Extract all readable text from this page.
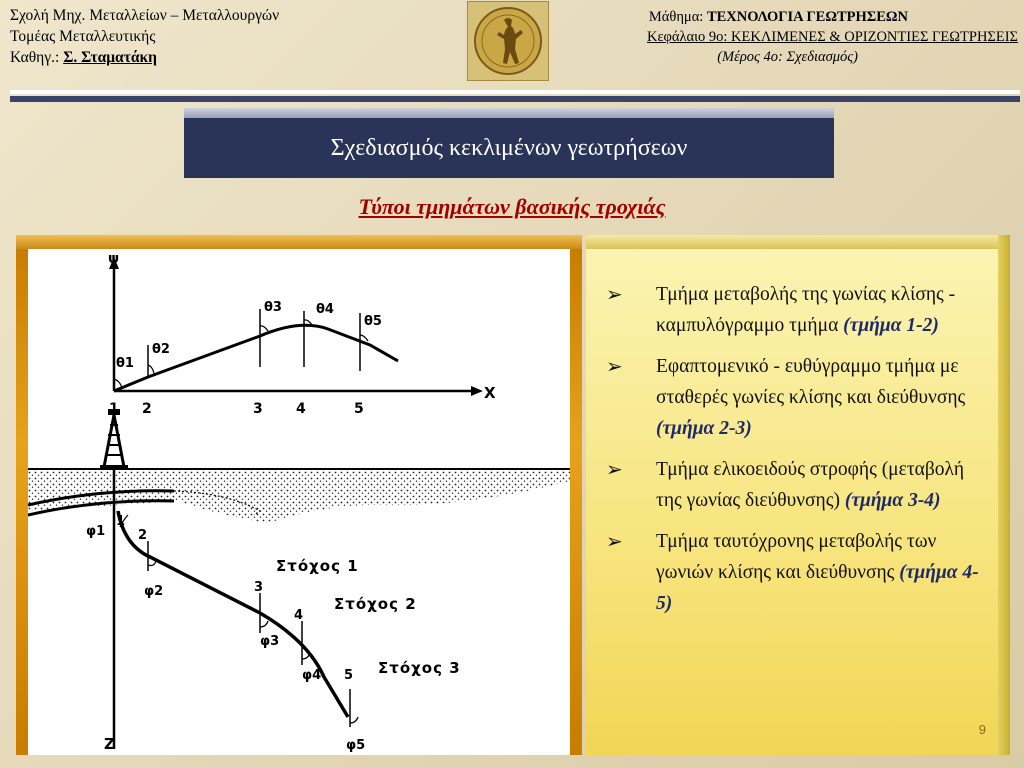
Σχολή Μηχ. Μεταλλείων – Μεταλλουργών
Τομέας Μεταλλευτικής
Καθηγ.: Σ. Σταματάκη
Μάθημα: ΤΕΧΝΟΛΟΓΙΑ ΓΕΩΤΡΗΣΕΩΝ
Κεφάλαιο 9ο: ΚΕΚΛΙΜΕΝΕΣ & ΟΡΙΖΟΝΤΙΕΣ ΓΕΩΤΡΗΣΕΙΣ
(Μέρος 4ο: Σχεδιασμός)
Σχεδιασμός κεκλιμένων γεωτρήσεων
Τύποι τμημάτων βασικής τροχιάς
ψ
X
θ1
θ2
θ3	θ4
θ5
2	3 4	5
Z
φ1
φ2
φ3
φ4
φ5
1
2
3
4
5
Στόχος 1
Στόχος 2
Στόχος 3
➢ Τμήμα μεταβολής της γωνίας κλίσης - καμπυλόγραμμο τμήμα (τμήμα 1-2)
➢ Εφαπτομενικό - ευθύγραμμο τμήμα με σταθερές γωνίες κλίσης και διεύθυνσης (τμήμα 2-3)
➢ Τμήμα ελικοειδούς στροφής (μεταβολή της γωνίας διεύθυνσης) (τμήμα 3-4)
➢ Τμήμα ταυτόχρονης μεταβολής των γωνιών κλίσης και διεύθυνσης (τμήμα 4-5)
9
